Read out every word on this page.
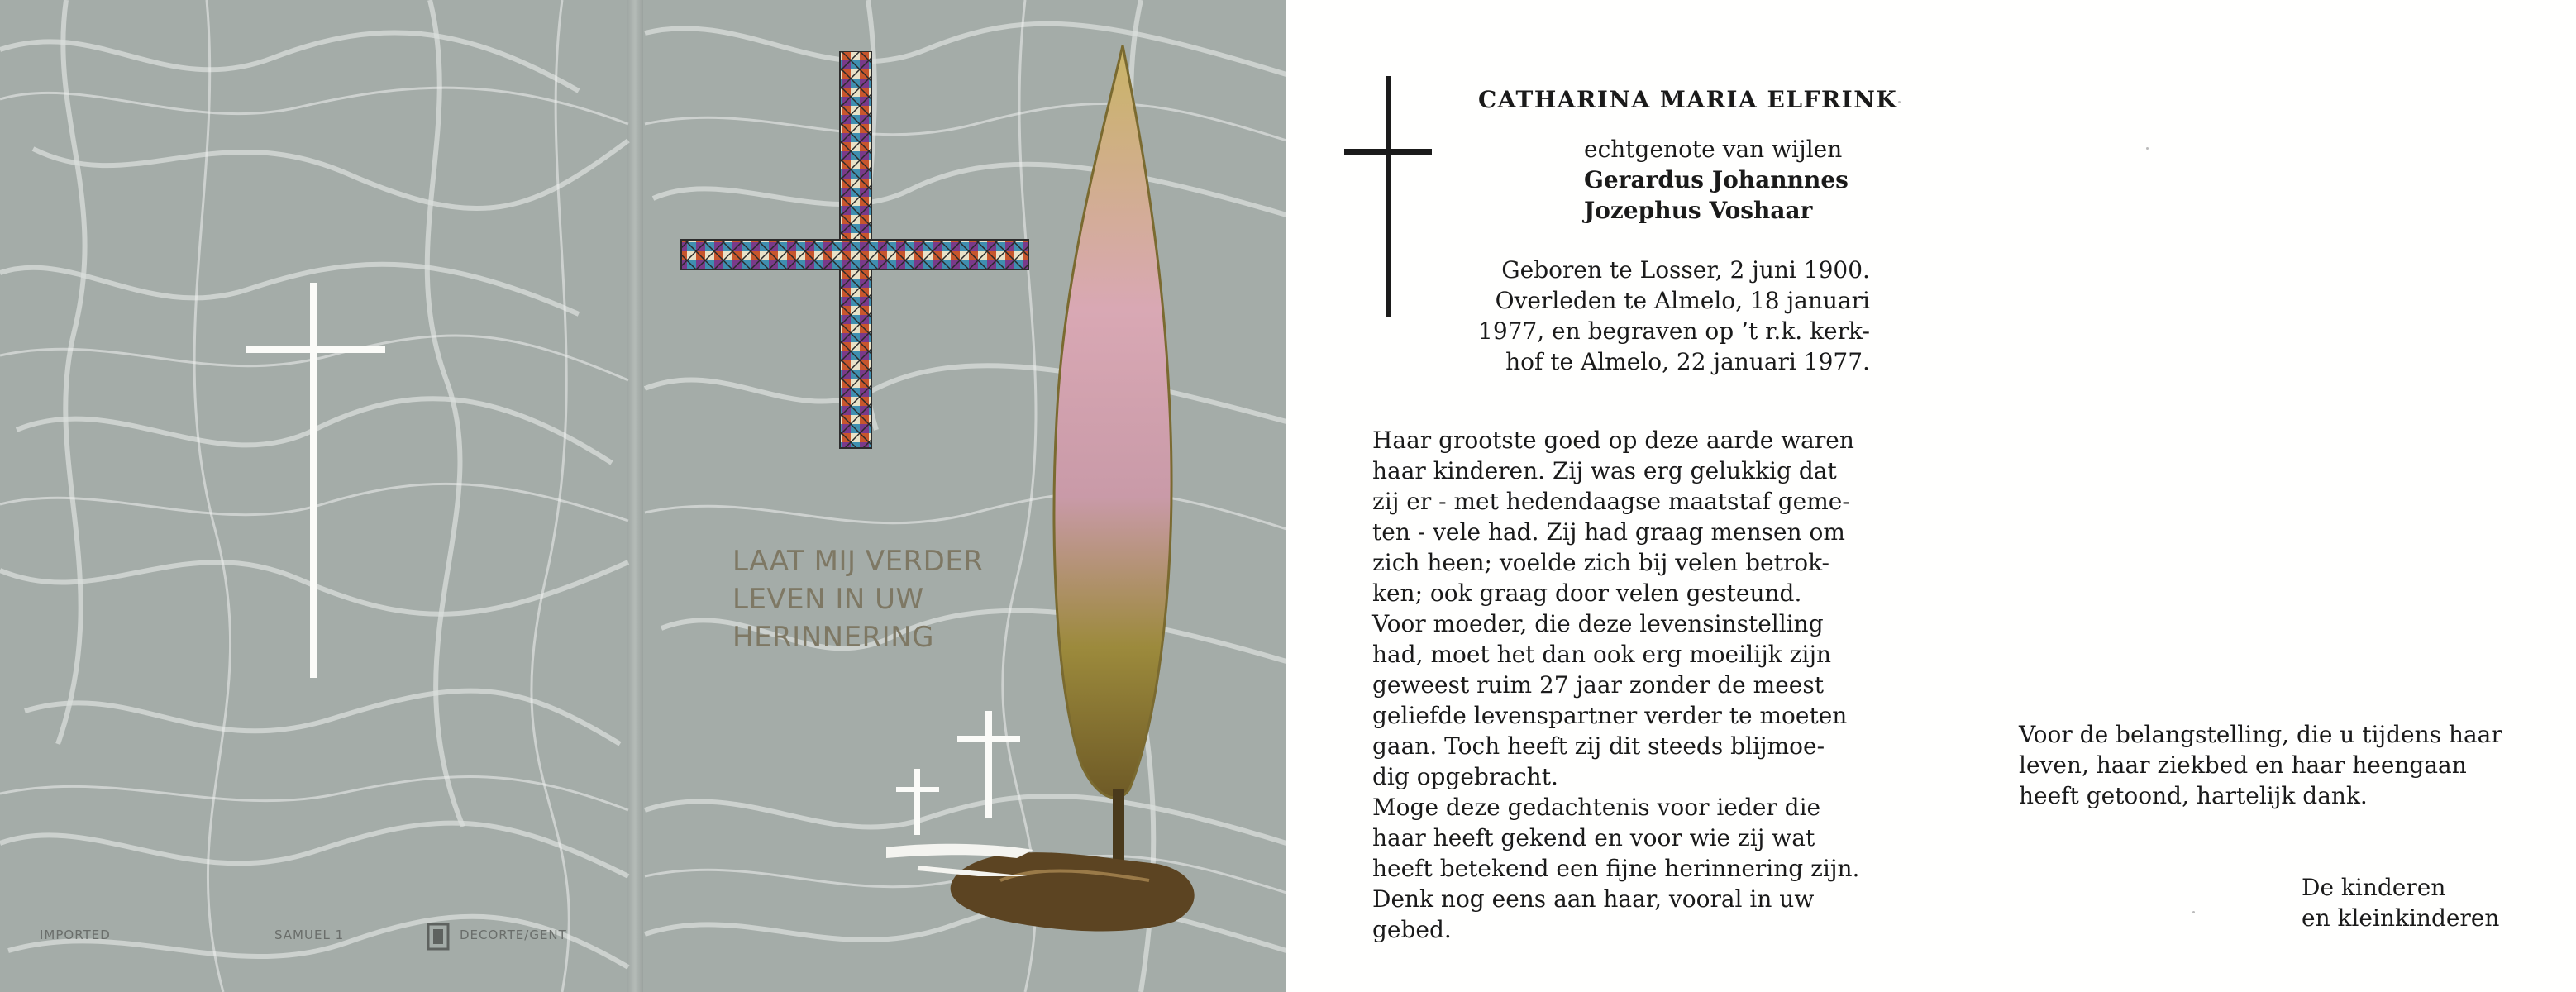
LAAT MIJ VERDER
LEVEN IN UW
HERINNERING
IMPORTED	SAMUEL 1	DECORTE/GENT
CATHARINA MARIA ELFRINK
echtgenote van wijlen
Gerardus Johannnes
Jozephus Voshaar
Geboren te Losser, 2 juni 1900.
Overleden te Almelo, 18 januari
1977, en begraven op ’t r.k. kerk-
hof te Almelo, 22 januari 1977.
Haar grootste goed op deze aarde waren
haar kinderen. Zij was erg gelukkig dat
zij er - met hedendaagse maatstaf geme-
ten - vele had. Zij had graag mensen om
zich heen; voelde zich bij velen betrok-
ken; ook graag door velen gesteund.
Voor moeder, die deze levensinstelling
had, moet het dan ook erg moeilijk zijn
geweest ruim 27 jaar zonder de meest
geliefde levenspartner verder te moeten
gaan. Toch heeft zij dit steeds blijmoe-
dig opgebracht.
Moge deze gedachtenis voor ieder die
haar heeft gekend en voor wie zij wat
heeft betekend een fijne herinnering zijn.
Denk nog eens aan haar, vooral in uw
gebed.
Voor de belangstelling, die u tijdens haar
leven, haar ziekbed en haar heengaan
heeft getoond, hartelijk dank.
De kinderen
en kleinkinderen
